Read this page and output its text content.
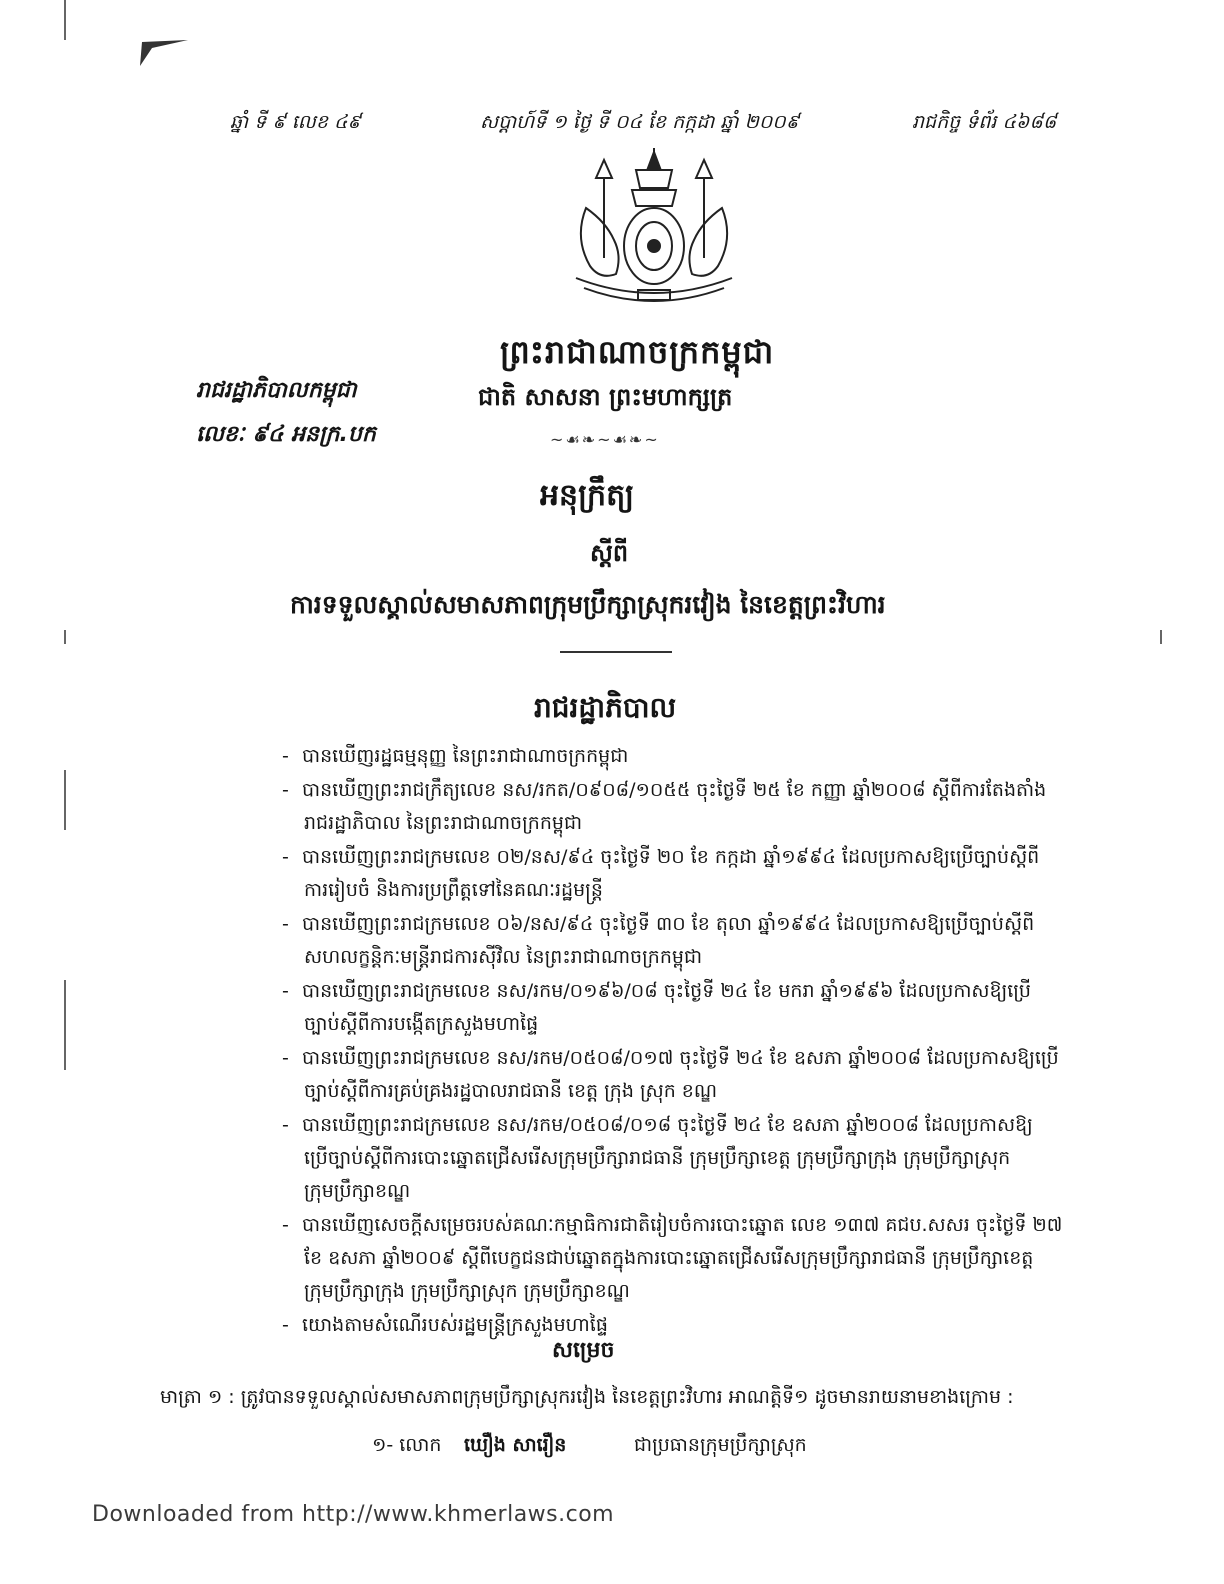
ឆ្នាំ ទី ៩ លេខ ៤៩	សប្តាហ៍ទី ១ ថ្ងៃ ទី ០៤ ខែ កក្កដា ឆ្នាំ ២០០៩	រាជកិច្ច ទំព័រ ៤៦៨៨
ព្រះរាជាណាចក្រកម្ពុជា
ជាតិ សាសនា ព្រះមហាក្សត្រ
រាជរដ្ឋាភិបាលកម្ពុជា
លេខៈ ៩៤ អនក្រ.បក	~☙❧~☙❧~
អនុក្រឹត្យ
ស្តីពី
ការទទួលស្គាល់សមាសភាពក្រុមប្រឹក្សាស្រុករវៀង នៃខេត្តព្រះវិហារ
រាជរដ្ឋាភិបាល
- បានឃើញរដ្ឋធម្មនុញ្ញ នៃព្រះរាជាណាចក្រកម្ពុជា
- បានឃើញព្រះរាជក្រឹត្យលេខ នស/រកត/០៩០៨/១០៥៥ ចុះថ្ងៃទី ២៥ ខែ កញ្ញា ឆ្នាំ២០០៨ ស្តីពីការតែងតាំង
រាជរដ្ឋាភិបាល នៃព្រះរាជាណាចក្រកម្ពុជា
- បានឃើញព្រះរាជក្រមលេខ ០២/នស/៩៤ ចុះថ្ងៃទី ២០ ខែ កក្កដា ឆ្នាំ១៩៩៤ ដែលប្រកាសឱ្យប្រើច្បាប់ស្តីពី
ការរៀបចំ និងការប្រព្រឹត្តទៅនៃគណៈរដ្ឋមន្ត្រី
- បានឃើញព្រះរាជក្រមលេខ ០៦/នស/៩៤ ចុះថ្ងៃទី ៣០ ខែ តុលា ឆ្នាំ១៩៩៤ ដែលប្រកាសឱ្យប្រើច្បាប់ស្តីពី
សហលក្ខន្តិកៈមន្ត្រីរាជការស៊ីវិល នៃព្រះរាជាណាចក្រកម្ពុជា
- បានឃើញព្រះរាជក្រមលេខ នស/រកម/០១៩៦/០៨ ចុះថ្ងៃទី ២៤ ខែ មករា ឆ្នាំ១៩៩៦ ដែលប្រកាសឱ្យប្រើ
ច្បាប់ស្តីពីការបង្កើតក្រសួងមហាផ្ទៃ
- បានឃើញព្រះរាជក្រមលេខ នស/រកម/០៥០៨/០១៧ ចុះថ្ងៃទី ២៤ ខែ ឧសភា ឆ្នាំ២០០៨ ដែលប្រកាសឱ្យប្រើ
ច្បាប់ស្តីពីការគ្រប់គ្រងរដ្ឋបាលរាជធានី ខេត្ត ក្រុង ស្រុក ខណ្ឌ
- បានឃើញព្រះរាជក្រមលេខ នស/រកម/០៥០៨/០១៨ ចុះថ្ងៃទី ២៤ ខែ ឧសភា ឆ្នាំ២០០៨ ដែលប្រកាសឱ្យ
ប្រើច្បាប់ស្តីពីការបោះឆ្នោតជ្រើសរើសក្រុមប្រឹក្សារាជធានី ក្រុមប្រឹក្សាខេត្ត ក្រុមប្រឹក្សាក្រុង ក្រុមប្រឹក្សាស្រុក
ក្រុមប្រឹក្សាខណ្ឌ
- បានឃើញសេចក្តីសម្រេចរបស់គណៈកម្មាធិការជាតិរៀបចំការបោះឆ្នោត លេខ ១៣៧ គជប.សសរ ចុះថ្ងៃទី ២៧
ខែ ឧសភា ឆ្នាំ២០០៩ ស្តីពីបេក្ខជនជាប់ឆ្នោតក្នុងការបោះឆ្នោតជ្រើសរើសក្រុមប្រឹក្សារាជធានី ក្រុមប្រឹក្សាខេត្ត
ក្រុមប្រឹក្សាក្រុង ក្រុមប្រឹក្សាស្រុក ក្រុមប្រឹក្សាខណ្ឌ
- យោងតាមសំណើរបស់រដ្ឋមន្ត្រីក្រសួងមហាផ្ទៃ
សម្រេច
មាត្រា ១ : ត្រូវបានទទួលស្គាល់សមាសភាពក្រុមប្រឹក្សាស្រុករវៀង នៃខេត្តព្រះវិហារ អាណត្តិទី១ ដូចមានរាយនាមខាងក្រោម :
១- លោក ឃឿង សារឿន	ជាប្រធានក្រុមប្រឹក្សាស្រុក
Downloaded from http://www.khmerlaws.com
